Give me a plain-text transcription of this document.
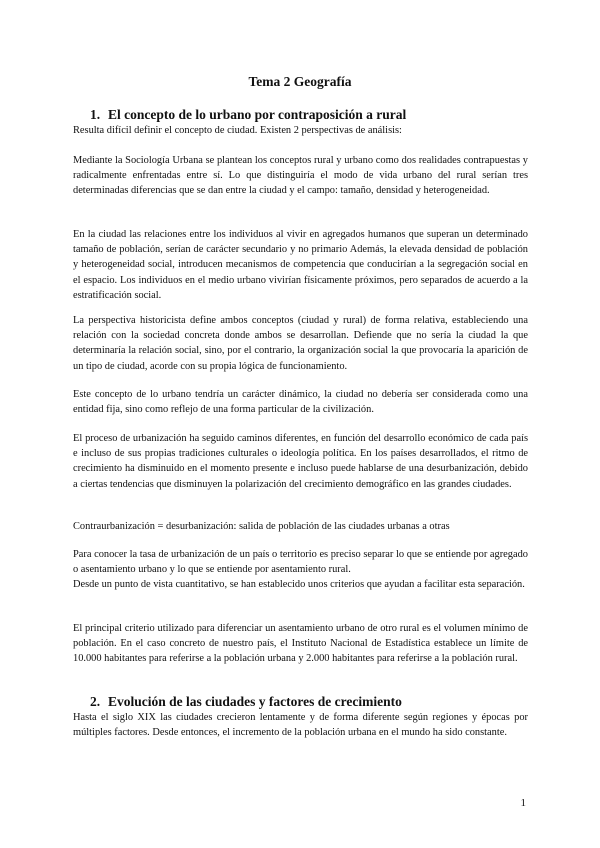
Tema 2 Geografía
1. El concepto de lo urbano por contraposición a rural

Resulta difícil definir el concepto de ciudad. Existen 2 perspectivas de análisis:

Mediante la Sociología Urbana se plantean los conceptos rural y urbano como dos realidades contrapuestas y radicalmente enfrentadas entre sí. Lo que distinguiría el modo de vida urbano del rural serían tres determinadas diferencias que se dan entre la ciudad y el campo: tamaño, densidad y heterogeneidad.

En la ciudad las relaciones entre los individuos al vivir en agregados humanos que superan un determinado tamaño de población, serían de carácter secundario y no primario Además, la elevada densidad de población y heterogeneidad social, introducen mecanismos de competencia que conducirían a la segregación social en el espacio. Los individuos en el medio urbano vivirían físicamente próximos, pero separados de acuerdo a la estratificación social.

La perspectiva historicista define ambos conceptos (ciudad y rural) de forma relativa, estableciendo una relación con la sociedad concreta donde ambos se desarrollan. Defiende que no sería la ciudad la que determinaría la relación social, sino, por el contrario, la organización social la que provocaría la aparición de un tipo de ciudad, acorde con su propia lógica de funcionamiento.

Este concepto de lo urbano tendría un carácter dinámico, la ciudad no debería ser considerada como una entidad fija, sino como reflejo de una forma particular de la civilización.

El proceso de urbanización ha seguido caminos diferentes, en función del desarrollo económico de cada país e incluso de sus propias tradiciones culturales o ideología política. En los países desarrollados, el ritmo de crecimiento ha disminuido en el momento presente e incluso puede hablarse de una desurbanización, debido a ciertas tendencias que disminuyen la polarización del crecimiento demográfico en las grandes ciudades.

Contraurbanización = desurbanización: salida de población de las ciudades urbanas a otras

Para conocer la tasa de urbanización de un país o territorio es preciso separar lo que se entiende por agregado o asentamiento urbano y lo que se entiende por asentamiento rural.

Desde un punto de vista cuantitativo, se han establecido unos criterios que ayudan a facilitar esta separación.

El principal criterio utilizado para diferenciar un asentamiento urbano de otro rural es el volumen mínimo de población. En el caso concreto de nuestro país, el Instituto Nacional de Estadística establece un límite de 10.000 habitantes para referirse a la población urbana y 2.000 habitantes para referirse a la población rural.

2. Evolución de las ciudades y factores de crecimiento

Hasta el siglo XIX las ciudades crecieron lentamente y de forma diferente según regiones y épocas por múltiples factores. Desde entonces, el incremento de la población urbana en el mundo ha sido constante.

1
